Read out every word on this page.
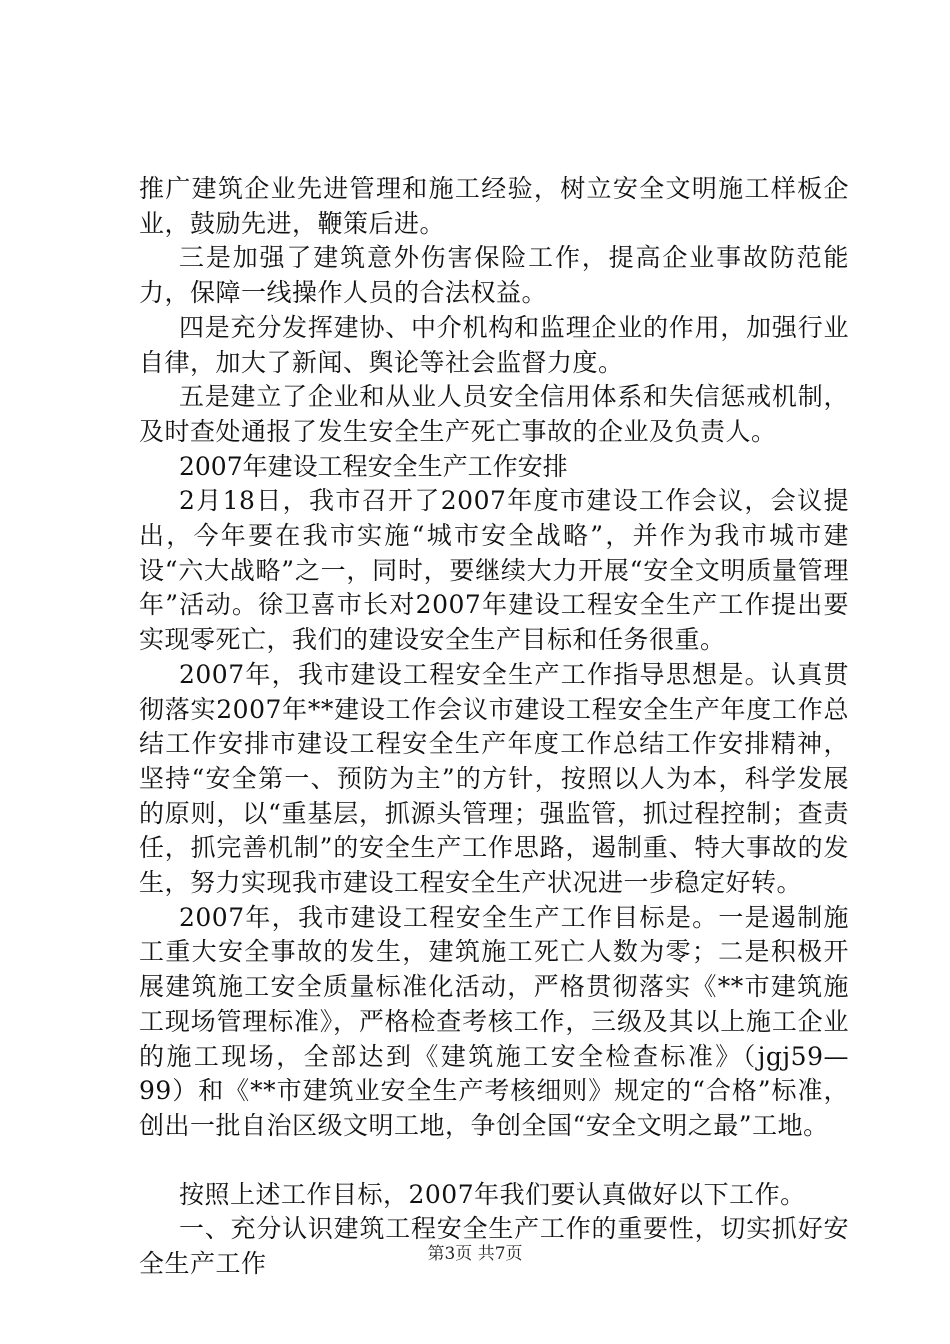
推广建筑企业先进管理和施工经验，树立安全文明施工样板企业，鼓励先进，鞭策后进。

三是加强了建筑意外伤害保险工作，提高企业事故防范能力，保障一线操作人员的合法权益。

四是充分发挥建协、中介机构和监理企业的作用，加强行业自律，加大了新闻、舆论等社会监督力度。

五是建立了企业和从业人员安全信用体系和失信惩戒机制，及时查处通报了发生安全生产死亡事故的企业及负责人。

2007年建设工程安全生产工作安排

2月18日，我市召开了2007年度市建设工作会议，会议提出，今年要在我市实施“城市安全战略”，并作为我市城市建设“六大战略”之一，同时，要继续大力开展“安全文明质量管理年”活动。徐卫喜市长对2007年建设工程安全生产工作提出要实现零死亡，我们的建设安全生产目标和任务很重。

2007年，我市建设工程安全生产工作指导思想是。认真贯彻落实2007年**建设工作会议市建设工程安全生产年度工作总结工作安排市建设工程安全生产年度工作总结工作安排精神，坚持“安全第一、预防为主”的方针，按照以人为本，科学发展的原则，以“重基层，抓源头管理；强监管，抓过程控制；查责任，抓完善机制”的安全生产工作思路，遏制重、特大事故的发生，努力实现我市建设工程安全生产状况进一步稳定好转。

2007年，我市建设工程安全生产工作目标是。一是遏制施工重大安全事故的发生，建筑施工死亡人数为零；二是积极开展建筑施工安全质量标准化活动，严格贯彻落实《**市建筑施工现场管理标准》，严格检查考核工作，三级及其以上施工企业的施工现场，全部达到《建筑施工安全检查标准》（jgj59—99）和《**市建筑业安全生产考核细则》规定的“合格”标准，创出一批自治区级文明工地，争创全国“安全文明之最”工地。

按照上述工作目标，2007年我们要认真做好以下工作。

一、充分认识建筑工程安全生产工作的重要性，切实抓好安全生产工作	第3页 共7页
